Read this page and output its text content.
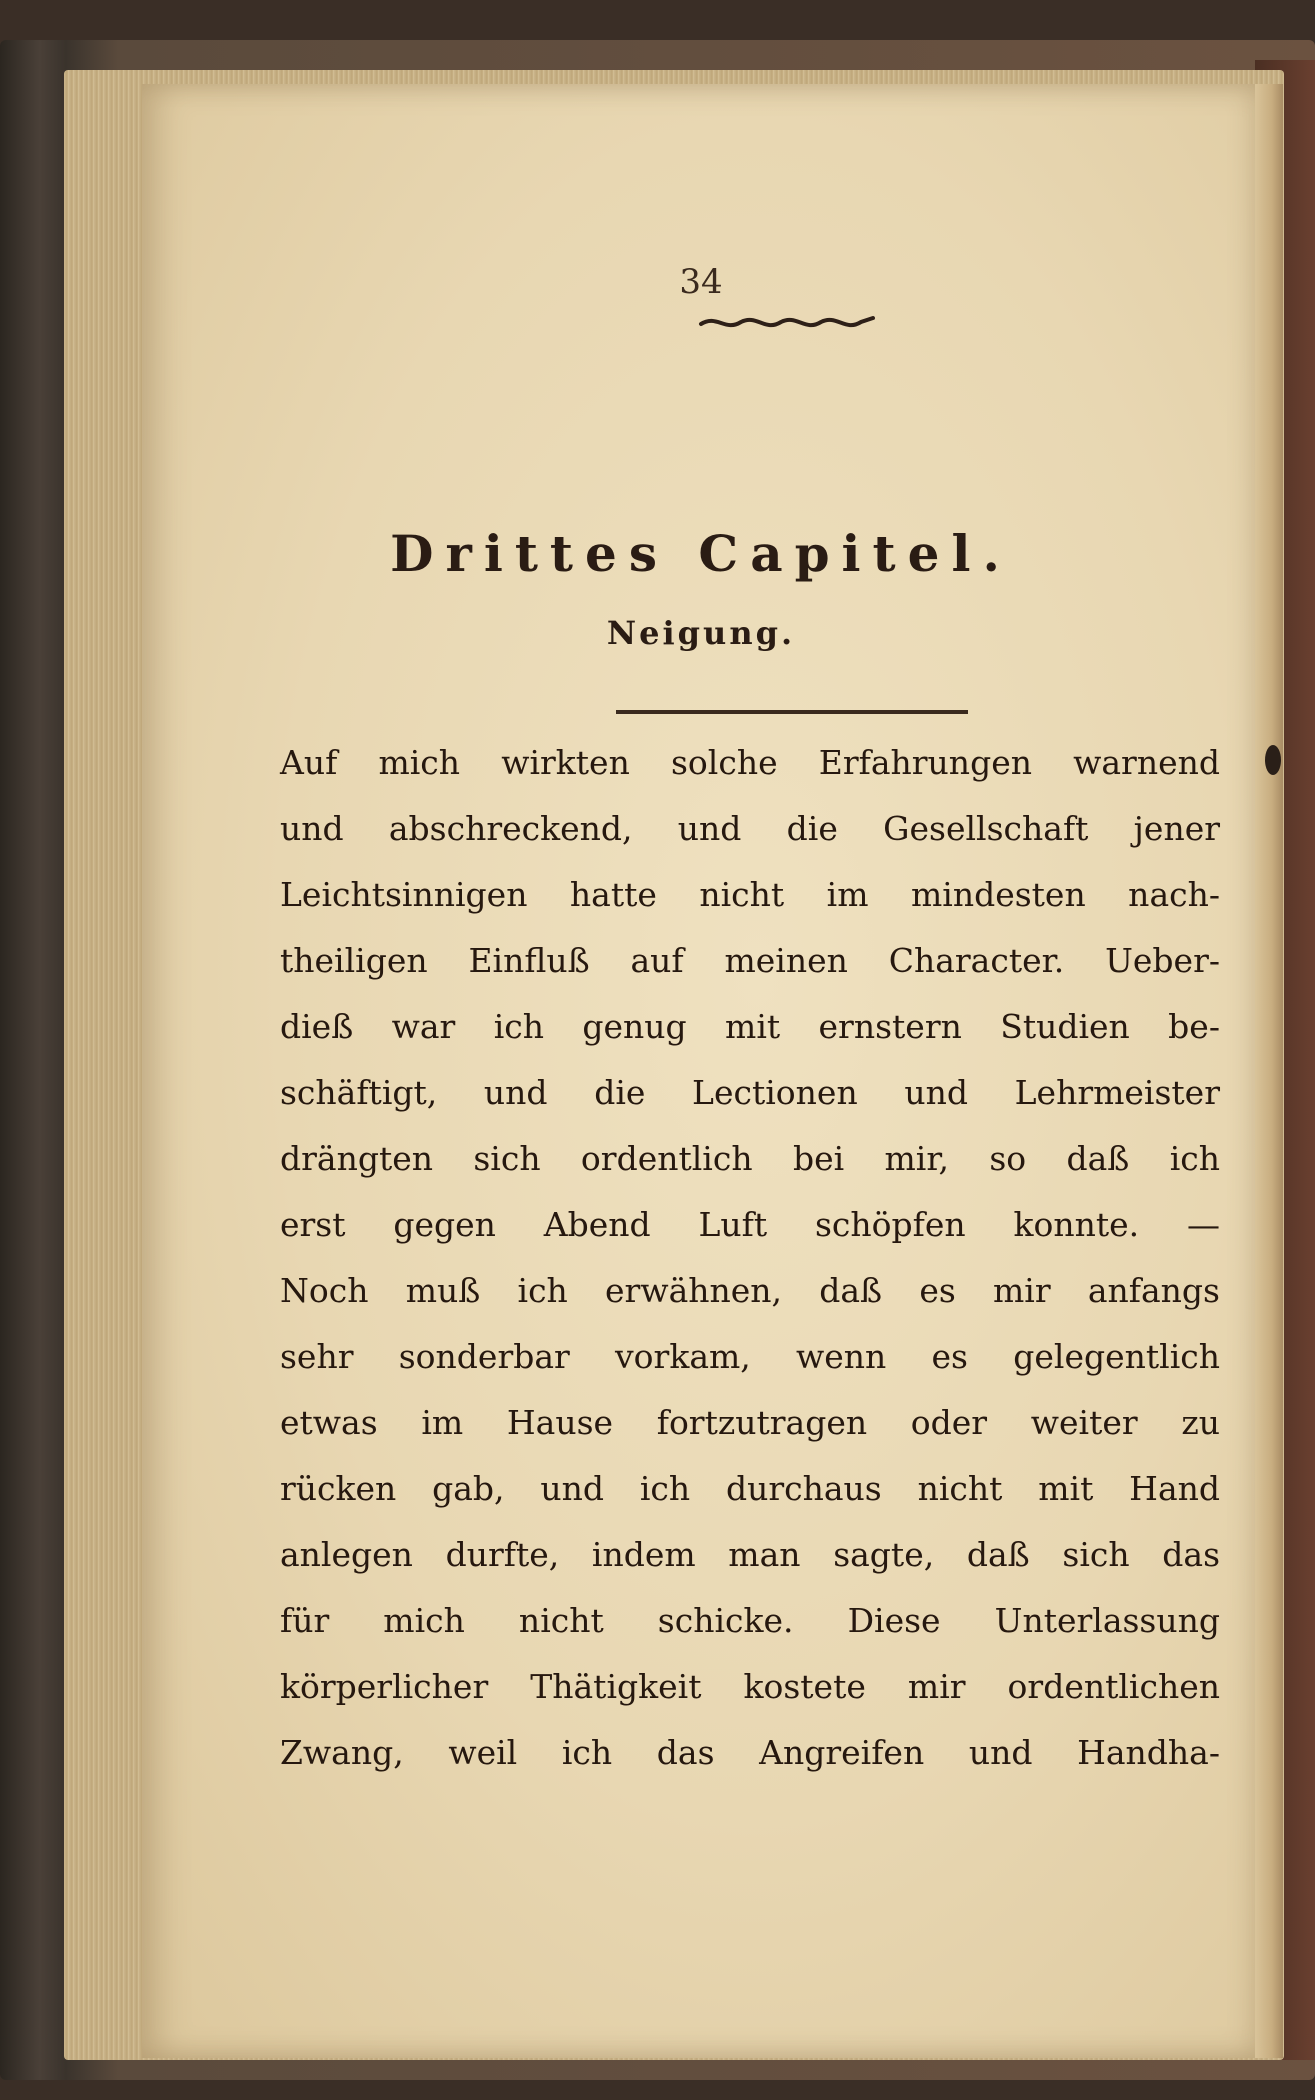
34
Drittes Capitel.
Neigung.
Auf mich wirkten solche Erfahrungen warnend
und abschreckend, und die Gesellschaft jener
Leichtsinnigen hatte nicht im mindesten nach-
theiligen Einfluß auf meinen Character. Ueber-
dieß war ich genug mit ernstern Studien be-
schäftigt, und die Lectionen und Lehrmeister
drängten sich ordentlich bei mir, so daß ich
erst gegen Abend Luft schöpfen konnte. —
Noch muß ich erwähnen, daß es mir anfangs
sehr sonderbar vorkam, wenn es gelegentlich
etwas im Hause fortzutragen oder weiter zu
rücken gab, und ich durchaus nicht mit Hand
anlegen durfte, indem man sagte, daß sich das
für mich nicht schicke. Diese Unterlassung
körperlicher Thätigkeit kostete mir ordentlichen
Zwang, weil ich das Angreifen und Handha-
